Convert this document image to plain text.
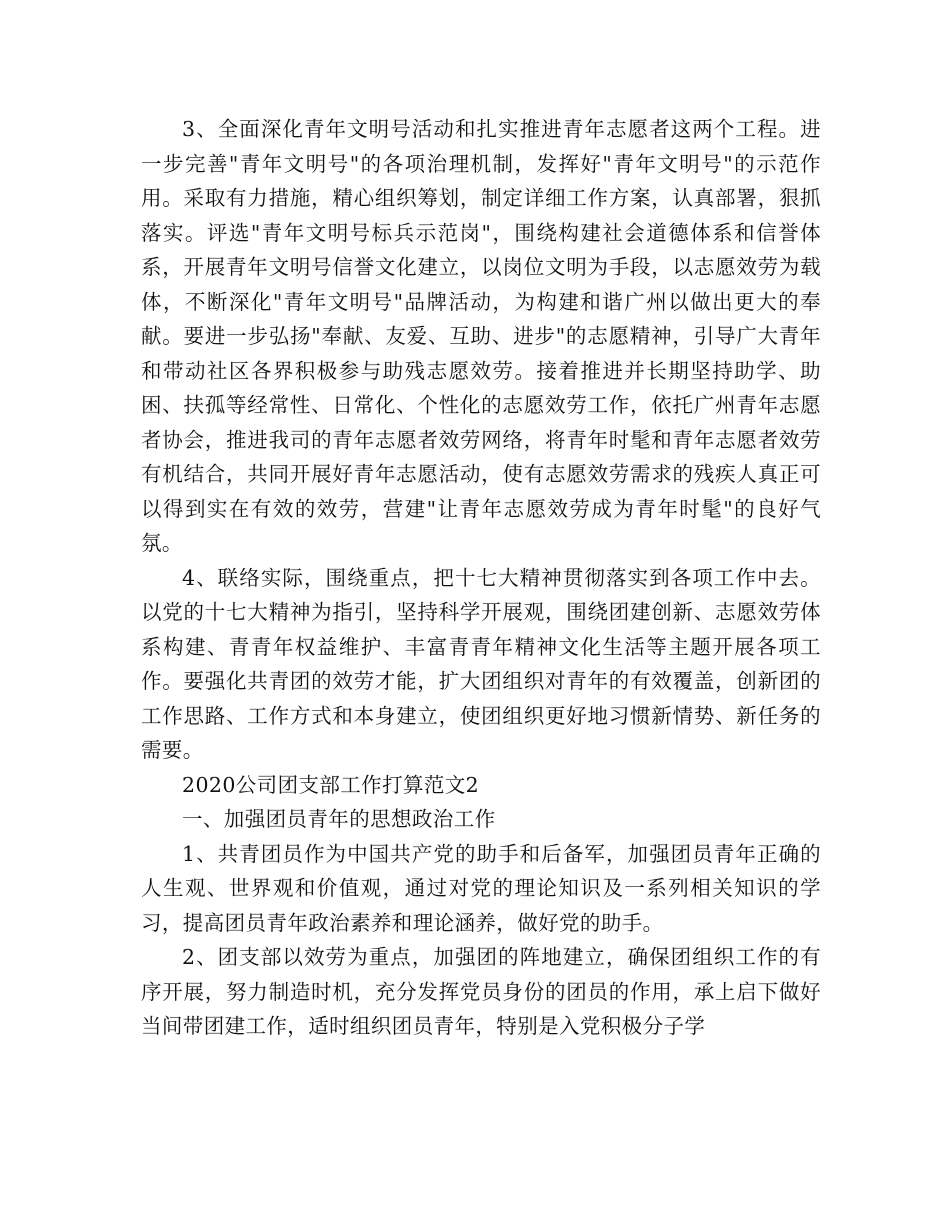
3、全面深化青年文明号活动和扎实推进青年志愿者这两个工程。进一步完善"青年文明号"的各项治理机制，发挥好"青年文明号"的示范作用。采取有力措施，精心组织筹划，制定详细工作方案，认真部署，狠抓落实。评选"青年文明号标兵示范岗"，围绕构建社会道德体系和信誉体系，开展青年文明号信誉文化建立，以岗位文明为手段，以志愿效劳为载体，不断深化"青年文明号"品牌活动，为构建和谐广州以做出更大的奉献。要进一步弘扬"奉献、友爱、互助、进步"的志愿精神，引导广大青年和带动社区各界积极参与助残志愿效劳。接着推进并长期坚持助学、助困、扶孤等经常性、日常化、个性化的志愿效劳工作，依托广州青年志愿者协会，推进我司的青年志愿者效劳网络，将青年时髦和青年志愿者效劳有机结合，共同开展好青年志愿活动，使有志愿效劳需求的残疾人真正可以得到实在有效的效劳，营建"让青年志愿效劳成为青年时髦"的良好气氛。

4、联络实际，围绕重点，把十七大精神贯彻落实到各项工作中去。以党的十七大精神为指引，坚持科学开展观，围绕团建创新、志愿效劳体系构建、青青年权益维护、丰富青青年精神文化生活等主题开展各项工作。要强化共青团的效劳才能，扩大团组织对青年的有效覆盖，创新团的工作思路、工作方式和本身建立，使团组织更好地习惯新情势、新任务的需要。

2020公司团支部工作打算范文2

一、加强团员青年的思想政治工作

1、共青团员作为中国共产党的助手和后备军，加强团员青年正确的人生观、世界观和价值观，通过对党的理论知识及一系列相关知识的学习，提高团员青年政治素养和理论涵养，做好党的助手。

2、团支部以效劳为重点，加强团的阵地建立，确保团组织工作的有序开展，努力制造时机，充分发挥党员身份的团员的作用，承上启下做好当间带团建工作，适时组织团员青年，特别是入党积极分子学
